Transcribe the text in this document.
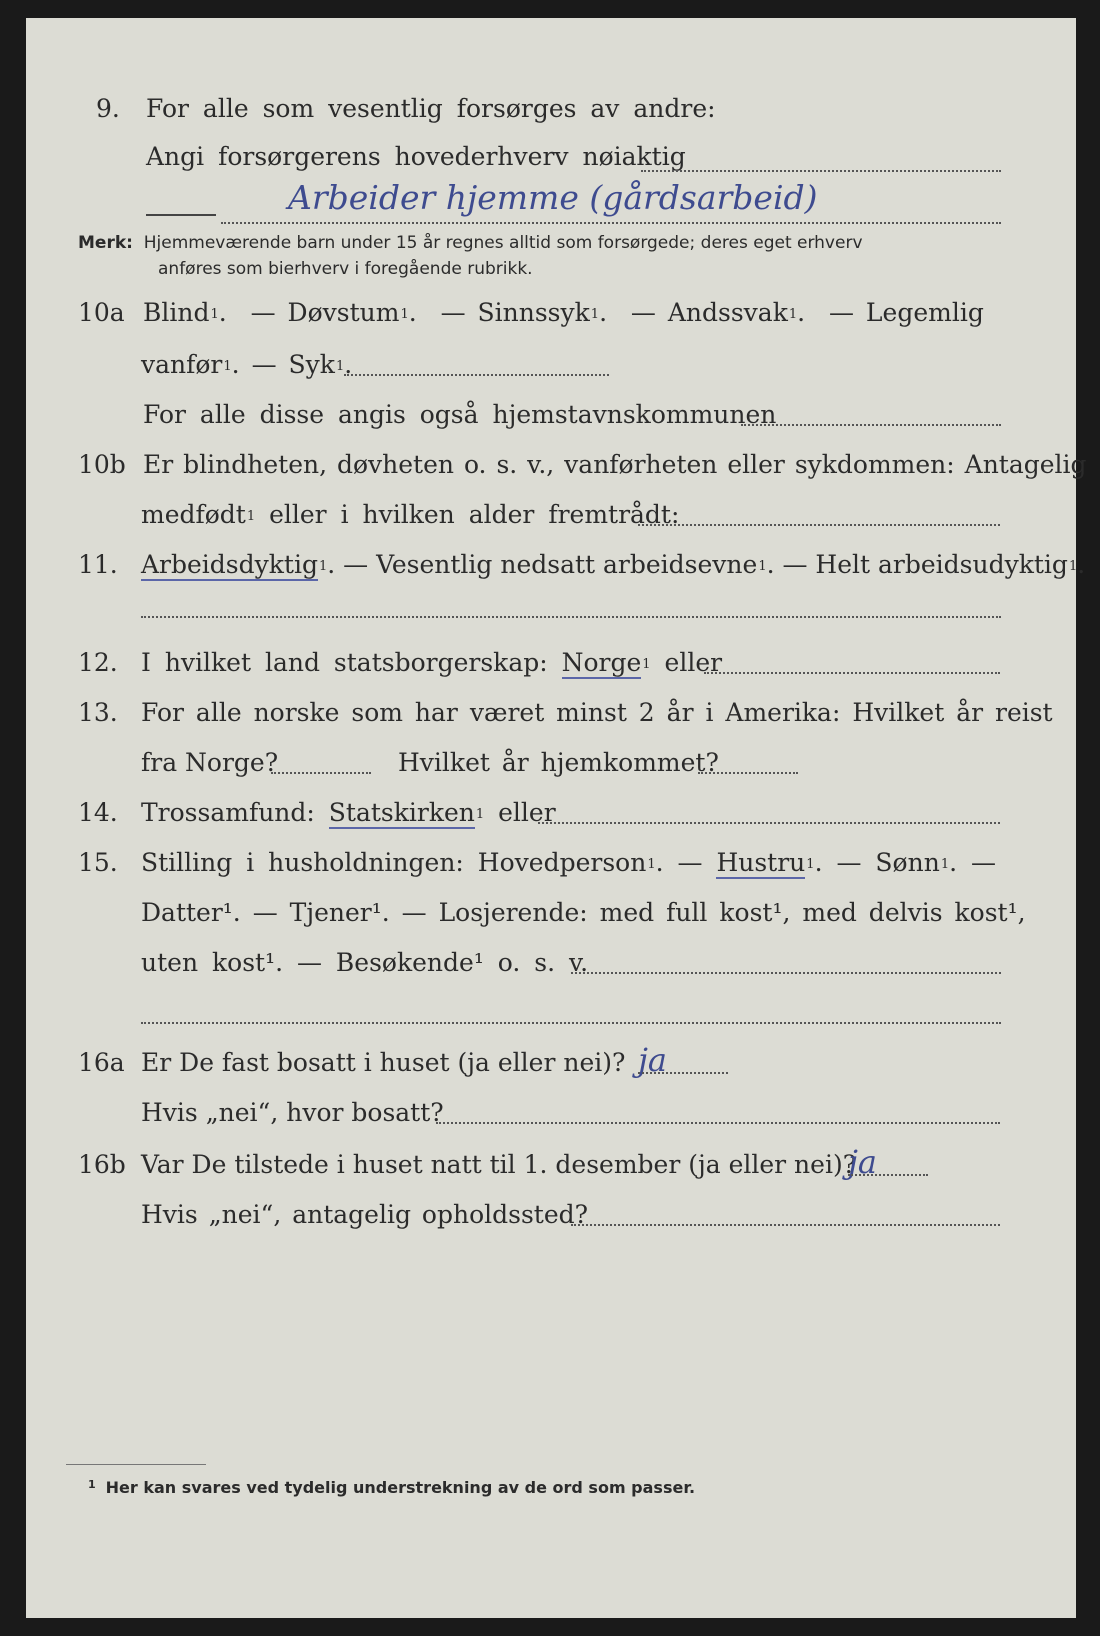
9. For alle som vesentlig forsørges av andre:
Angi forsørgerens hovederhverv nøiaktig
Arbeider hjemme (gårdsarbeid)
Merk: Hjemmeværende barn under 15 år regnes alltid som forsørgede; deres eget erhverv
anføres som bierhverv i foregående rubrikk.
10a Blind$^1$.  — Døvstum$^1$.  — Sinnssyk$^1$.  — Andssvak$^1$.  — Legemlig
vanfør$^1$. — Syk$^1$.
For alle disse angis også hjemstavnskommunen
10b Er blindheten, døvheten o. s. v., vanførheten eller sykdommen: Antagelig
medfødt$^1$ eller i hvilken alder fremtrådt:
11. Arbeidsdyktig$^1$. — Vesentlig nedsatt arbeidsevne$^1$. — Helt arbeidsudyktig$^1$.
12. I hvilket land statsborgerskap: Norge$^1$ eller
13. For alle norske som har været minst 2 år i Amerika: Hvilket år reist
fra Norge?	Hvilket år hjemkommet?
14. Trossamfund: Statskirken$^1$ eller
15. Stilling i husholdningen: Hovedperson$^1$. — Hustru$^1$. — Sønn$^1$. —
Datter¹. — Tjener¹. — Losjerende: med full kost¹, med delvis kost¹,
uten kost¹. — Besøkende¹ o. s. v.
16a Er De fast bosatt i huset (ja eller nei)? ja
Hvis „nei“, hvor bosatt?
16b Var De tilstede i huset natt til 1. desember (ja eller nei)?
ja
Hvis „nei“, antagelig opholdssted?
$^1$ Her kan svares ved tydelig understrekning av de ord som passer.
